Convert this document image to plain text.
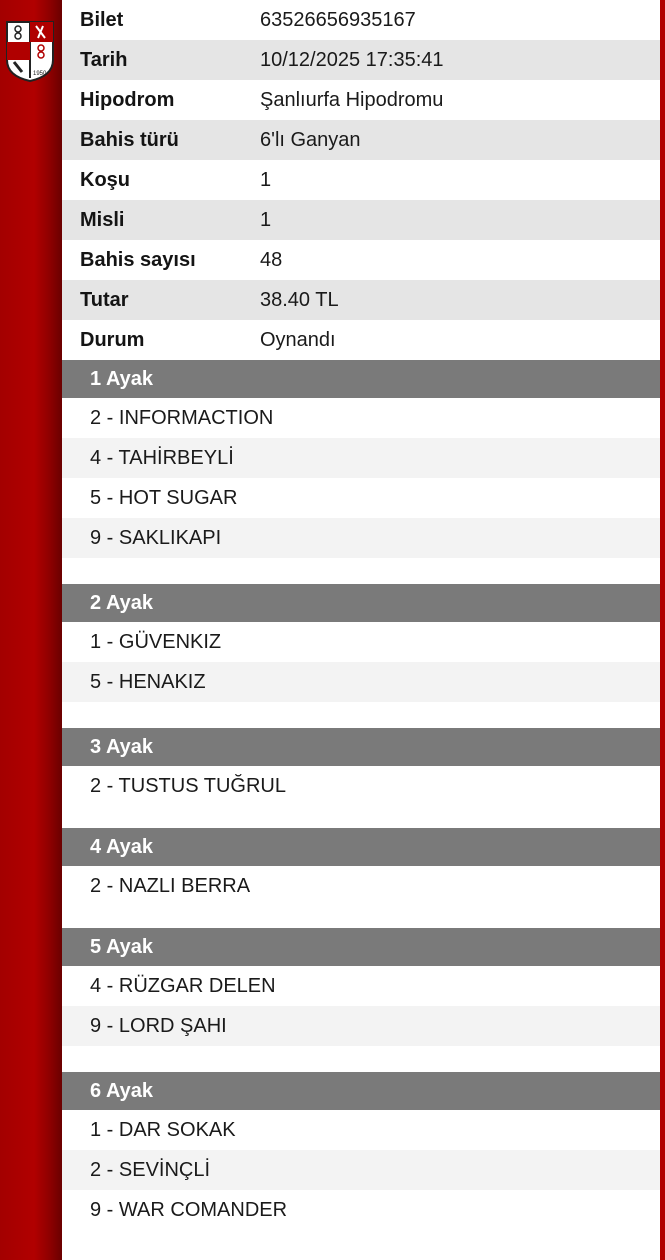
1950
Bilet	63526656935167
Tarih	10/12/2025 17:35:41
Hipodrom	Şanlıurfa Hipodromu
Bahis türü	6'lı Ganyan
Koşu	1
Misli	1
Bahis sayısı	48
Tutar	38.40 TL
Durum	Oynandı
1 Ayak
2 - INFORMACTION
4 - TAHİRBEYLİ
5 - HOT SUGAR
9 - SAKLIKAPI
2 Ayak
1 - GÜVENKIZ
5 - HENAKIZ
3 Ayak
2 - TUSTUS TUĞRUL
4 Ayak
2 - NAZLI BERRA
5 Ayak
4 - RÜZGAR DELEN
9 - LORD ŞAHI
6 Ayak
1 - DAR SOKAK
2 - SEVİNÇLİ
9 - WAR COMANDER
